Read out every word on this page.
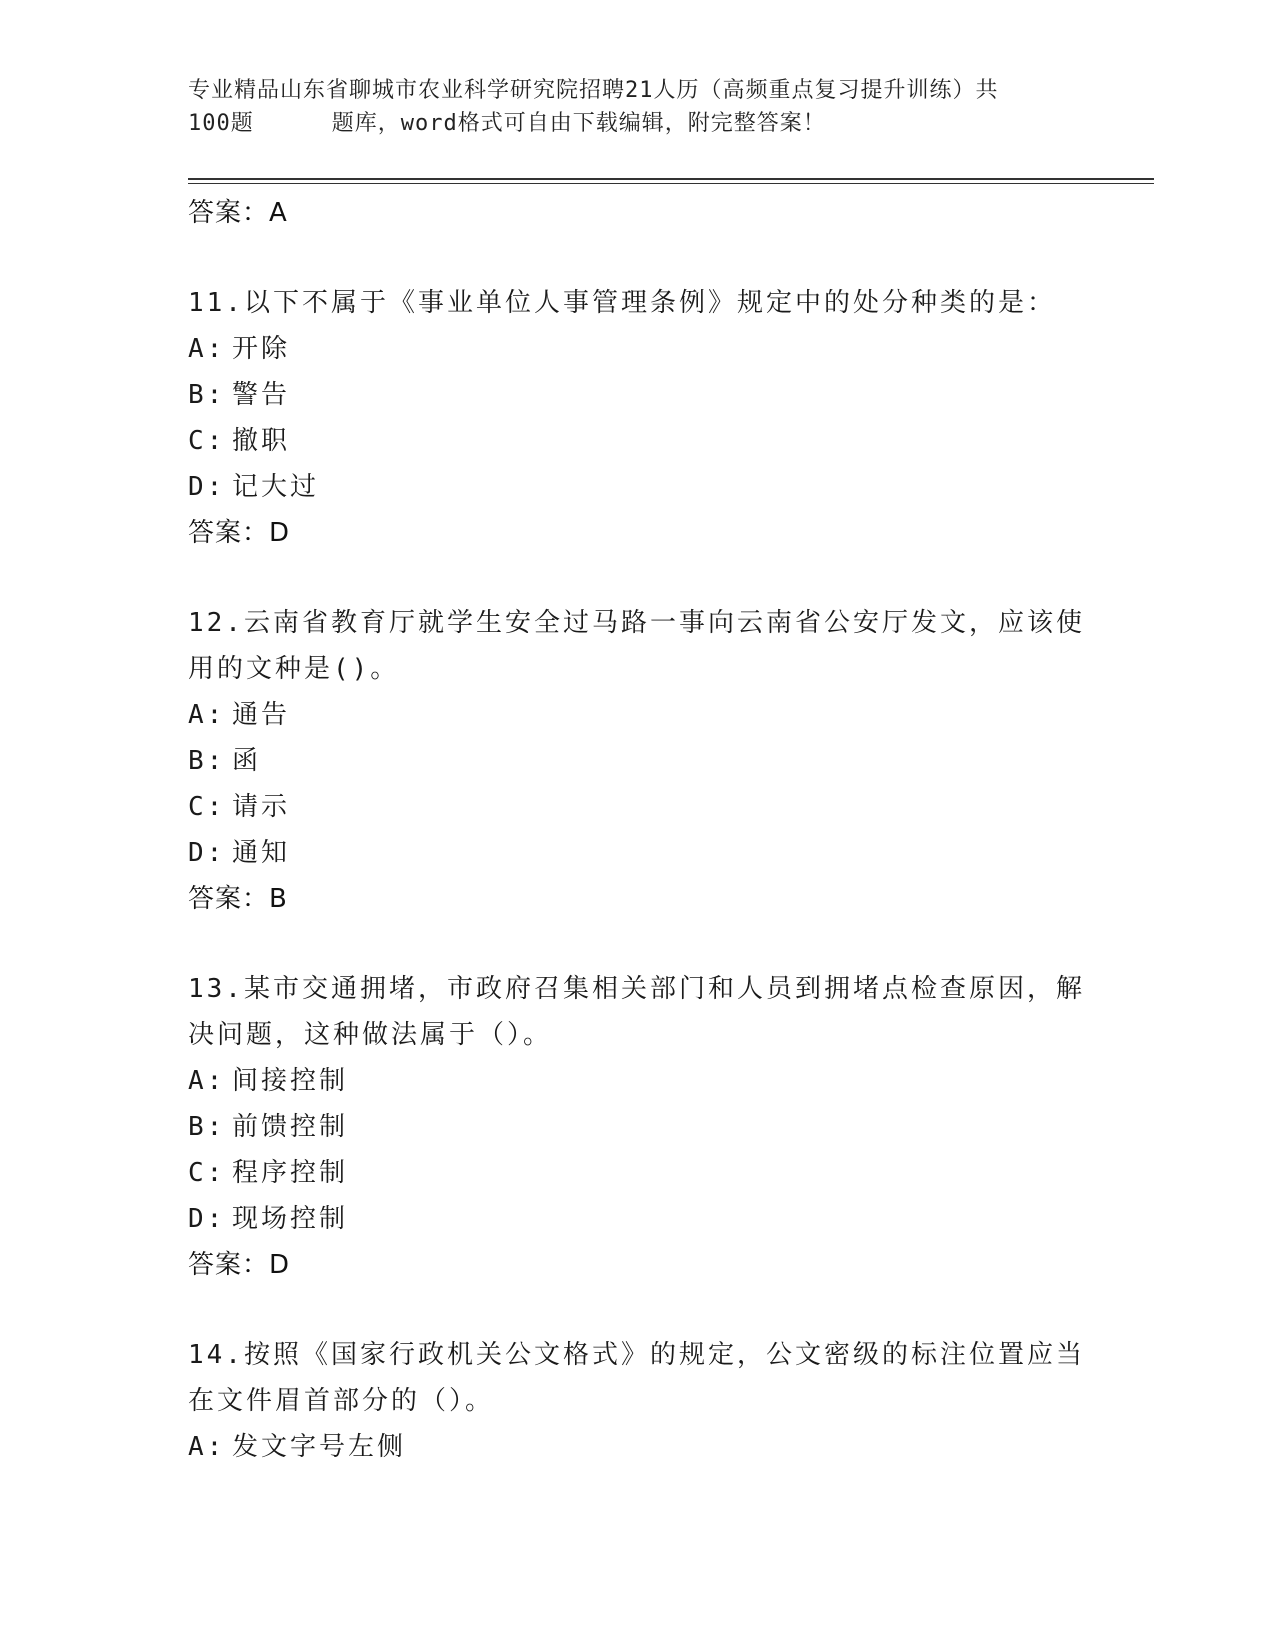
专业精品山东省聊城市农业科学研究院招聘21人历（高频重点复习提升训练）共
100题	题库，word格式可自由下载编辑，附完整答案！
答案：A
11.以下不属于《事业单位人事管理条例》规定中的处分种类的是：
A: 开除
B: 警告
C: 撤职
D: 记大过
答案：D
12.云南省教育厅就学生安全过马路一事向云南省公安厅发文，应该使用的文种是()。
A: 通告
B: 函
C: 请示
D: 通知
答案：B
13.某市交通拥堵，市政府召集相关部门和人员到拥堵点检查原因，解决问题，这种做法属于（）。
A: 间接控制
B: 前馈控制
C: 程序控制
D: 现场控制
答案：D
14.按照《国家行政机关公文格式》的规定，公文密级的标注位置应当在文件眉首部分的（）。
A: 发文字号左侧
